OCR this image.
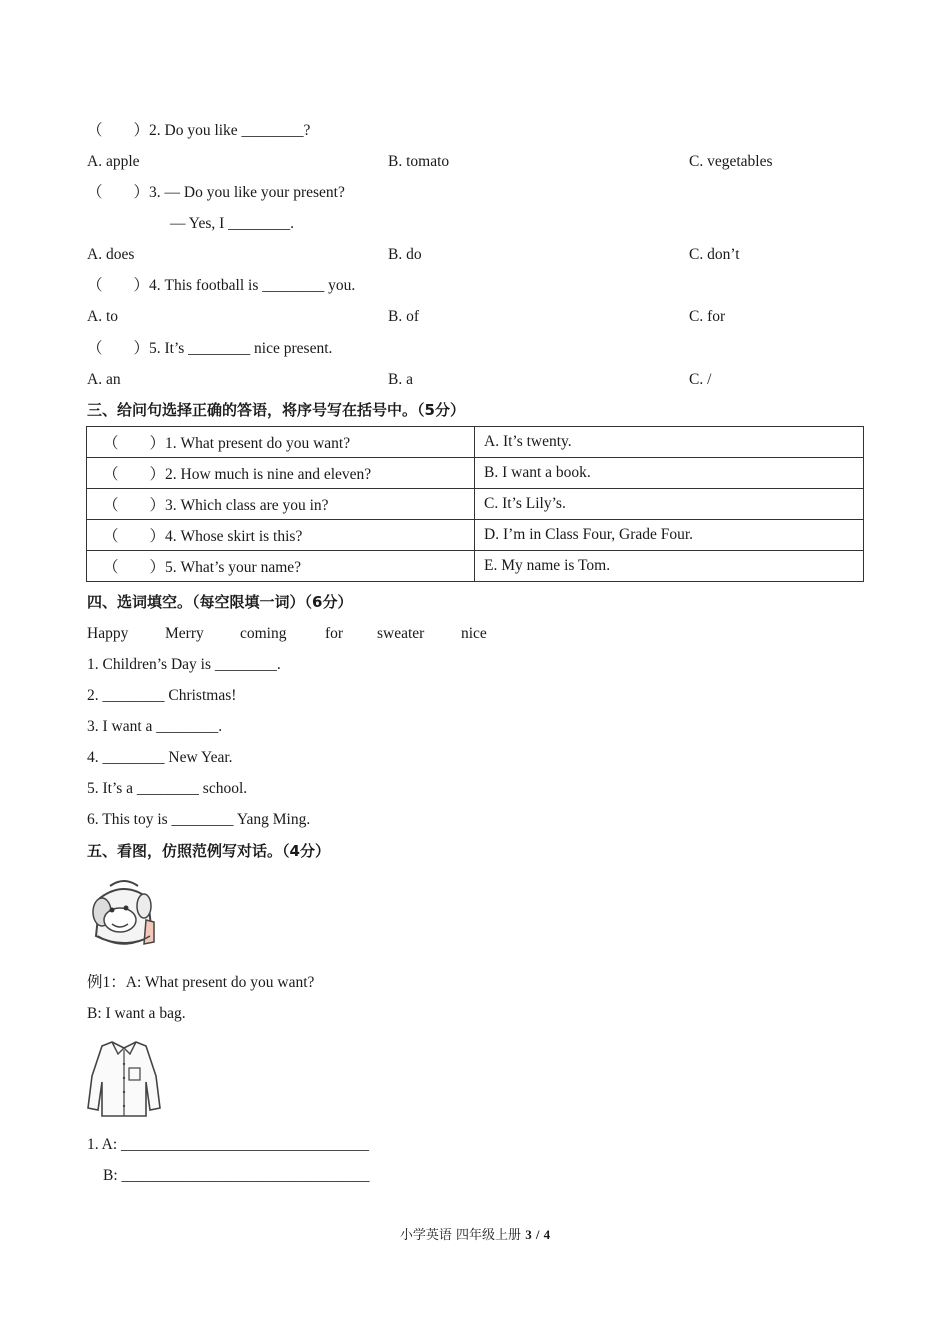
（　　）2. Do you like ________?
A. apple	B. tomato	C. vegetables
（　　）3. — Do you like your present?
— Yes, I ________.
A. does	B. do	C. don’t
（　　）4. This football is ________ you.
A. to	B. of	C. for
（　　）5. It’s ________ nice present.
A. an	B. a	C. /
三、给问句选择正确的答语，将序号写在括号中。（5分）
（　　）1. What present do you want?	A. It’s twenty.
（　　）2. How much is nine and eleven?	B. I want a book.
（　　）3. Which class are you in?	C. It’s Lily’s.
（　　）4. Whose skirt is this?	D. I’m in Class Four, Grade Four.
（　　）5. What’s your name?	E. My name is Tom.
四、选词填空。（每空限填一词）（6分）
Happy Merry coming for sweater nice
1. Children’s Day is ________.
2. ________ Christmas!
3. I want a ________.
4. ________ New Year.
5. It’s a ________ school.
6. This toy is ________ Yang Ming.
五、看图，仿照范例写对话。（4分）
例1：A: What present do you want?
B: I want a bag.
1. A: ________________________________
B: ________________________________
小学英语 四年级上册 3 / 4
